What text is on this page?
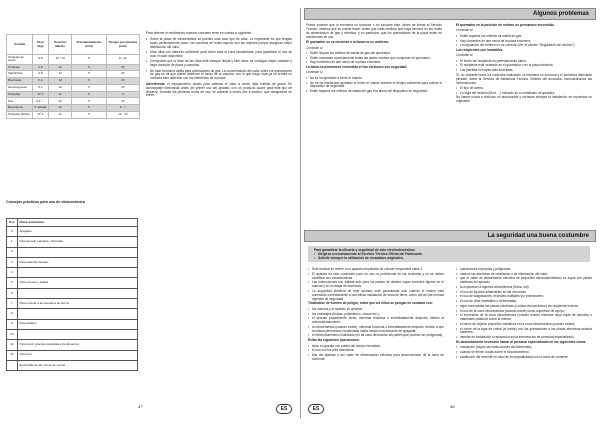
Comida	Peso (Kg)	Posición Mando	Precalentamiento (min)	Tiempo por plancha (min)
Chuletas de cerdo	0.8	12 / 10	5	8 / 12
Chuletas	0.8	12	5	15
Salchichas	0.8	12	5	20
Brochetas	0.4	12	5	15
Hamburguesa	0.4	12	5	15
Tostadas	Nº 4	12	5	4
Pan	0.4 / ...	12	5	15
Berenjenas	3 rodajas	12	5	6 - 7
Tostadas dobles	Nº 4	12	5	10 - 15

Para obtener el rendimiento máximo conviene tener en cuenta lo siguiente:

• Sobre la placa de vitrocerámica se pueden usar todo tipo de ollas. Lo importante es que tengan fondo perfectamente plano: las cazuelas de fondo espeso son las mejores porque aseguran mejor distribución del calor.
• Usar ollas con diámetro suficiente para cubrir toda la zona escalentada, para garantizar el uso de todo el calor disponible.
• Comprobar que la base de las ollas esté siempre limpia y bien seca: se consigue mejor contacto y larga duración de placa y cazuelas.
• No usar la misma vajilla para quemadores de gas. La concentración del calor sobre los quemadores de gas es tal que puede deformar el fondo de la cazuela, con lo que luego ésta ya no tendrá un contacto bien adherido con los elementos de la placa.

Advertencia: el equipamiento usado para calentar el calor a veces deja huellas de grasa. Es aconsejable eliminarlas antes del primer uso del aparato, con un producto suave para este tipo de limpieza. Durante los primeras horas de uso, se advierte a veces olor a caucho, que desaparece en breve.

Consejos prácticos para uso de vitrocerámica
Pos	Placa automática
0	Apagado
1	Para derretir manteca, chocolate
2	
3	Para calentar líquidos
4	
5	Para cremas y salsas
6	
7	Para cocinar a temperatura de hervor
8	
9	Para asados
10	
11	Para hervir grandes cantidades de alimentos
12	Para freír
	Encendido de las zonas de cocina
47	ES
Algunos problemas

Puede suceder que la encimera no funcione o no funcione bien. Antes de llamar al Servicio Técnico, veamos qué se puede hacer. Antes que nada verificar que haya servicio en las redes de alimentación de gas y eléctrica, y en particular, que los quemadores de la placa estén en condiciones de uso.

El quemador no se enciende o la llama no es uniforme.

Controlar si:

• Estén limpios los orificios de salida de gas del quemador.
• Estén montadas correctamente todas las partes móviles que componen el quemador.
• Hay corrientes de aire cerca de la placa encimera.

La llama no permanece encendida en las versiones con seguridad:

Controlar si:

• No se ha apretado a fondo el mando.
• No se ha mantenido apretado el botón el mando durante el tiempo suficiente para activar el dispositivo de seguridad.
• Estén tapados los orificios de salida del gas a la altura del dispositivo de seguridad.

El quemador en la posición de mínimo no permanece encendido.

Controlar si:

• Estén tapados los orificios de salida de gas.
• Hay corrientes de aire cerca de la placa encimera.
• La regulación del mínimo no es correcta (Ver el párrafo "Regulación del mínimo").

Los recipientes son inestables.

Controlar si:

• El fondo del recipiente es perfectamente plano.
• El recipiente esté centrado en el quemador o en la placa eléctrica.
• Las parrillas no hayan sido invertidas.

Si, no obstante todos los controles realizados, la encimera no funciona y el problema detectado persiste, llame al Servicio de Asistencia Técnica. Informe del anomalía, comunicándose las informaciones:

• El tipo de avería.
• La sigla del modelo (Mod. ...) indicado en el certificado de garantía.

No llamar nunca a técnicos no autorizados y rechazar siempre la instalación de repuestos no originales.

La seguridad una buena costumbre
Para garantizar la eficacia y seguridad de este electrodoméstico:
• Dirigirse exclusivamente al Servicio Técnico Oficial del Fabricante.
• Solicite siempre la utilización de recambios originales.
• Este manual se refiere a un aparato empotrado de colocar empotrable clase 3.
• El aparato ha sido concebido para un uso no profesional en las viviendas y no se deben modificar sus características.
• Las instrucciones son válidas sólo para los países de destino cuyos símbolos figuran en el manual y en la chapa de matrícula.
• La seguridad eléctrica de este aparato está garantizada sólo cuando el mismo esté conectado correctamente a una eficaz instalación de toma de tierra, como prevén las normas vigentes de seguridad.

Tratándose de fuentes de peligro, evitar que los niños se pongan en contacto con:

• los mandos y el aparato en general;
• los embalajes (bolsas, poliestireno, clavos etc.);
• el aparato propiamente dicho, mientras funciona o inmediatamente después, debido al sobrecalentamiento;
• la vitrocerámica (cuando existe), mientras funciona o inmediatamente después, debido a que la misma permanece recalentada hasta media hora después de apagada;
• el electrodoméstico inutilizado (en tal caso desmontar las partes que podrían ser peligrosas).

Evitar las siguientes operaciones:

• tocar el aparato con partes del cuerpo húmedas;
• el uso con los pies descalzos;
• tirar del aparato o del cable de alimentación eléctrica para desconectarlo de la toma de corriente;
• operaciones impropias y peligrosas;
• obstruir las aberturas de ventilación o de eliminación del calor;
• que el cable de alimentación eléctrica de pequeños electrodomésticos se toque con partes calientes del aparato;
• la exposición a agentes atmosféricos (lluvia, sol);
• el uso de líquidos inflamables en las cercanías;
• el uso de adaptadores, enchufes múltiples y/o extensiones;
• el uso de ollas inestables o deformadas;
• dejar encendidas las placas eléctricas (o placa vitrocerámica) sin recipiente encima;
• el uso de la zona vitrocerámica (cuando existe) como superficie de apoyo;
• el encendido de la zona vitrocerámica (cuando existe) mientras haya hojas de aluminio o materiales plásticos sobre la misma;
• el cierre de objetos pequeños metálicos en la zona vitrocerámica (cuando existe);
• el cierre de la tapa de cristal (si existe) con los quemadores o las placas eléctricas todavía calientes;
• intentar de instalación o reparación sin la intervención de personal especializado.

Es absolutamente necesario llamar al personal especializado en los siguientes casos:

• instalación (según las instrucciones del fabricante);
• cuando se tienen dudas sobre el funcionamiento;
• sustitución del enchufe en caso de incompatibilidad con la toma de corriente.
ES	48
